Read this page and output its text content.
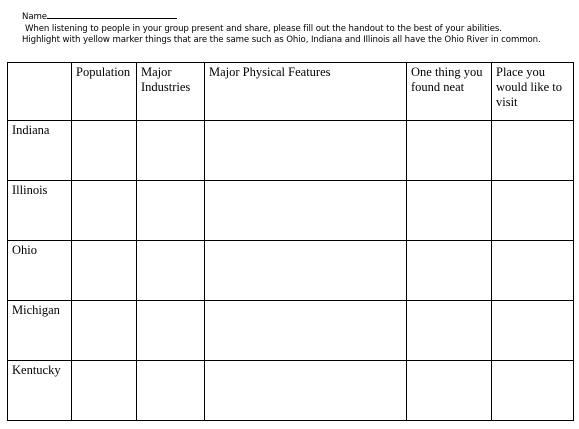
Name
When listening to people in your group present and share, please fill out the handout to the best of your abilities.
Highlight with yellow marker things that are the same such as Ohio, Indiana and Illinois all have the Ohio River in common.
	Population	Major Industries	Major Physical Features	One thing you found neat	Place you would like to visit
Indiana					
Illinois					
Ohio					
Michigan					
Kentucky					
